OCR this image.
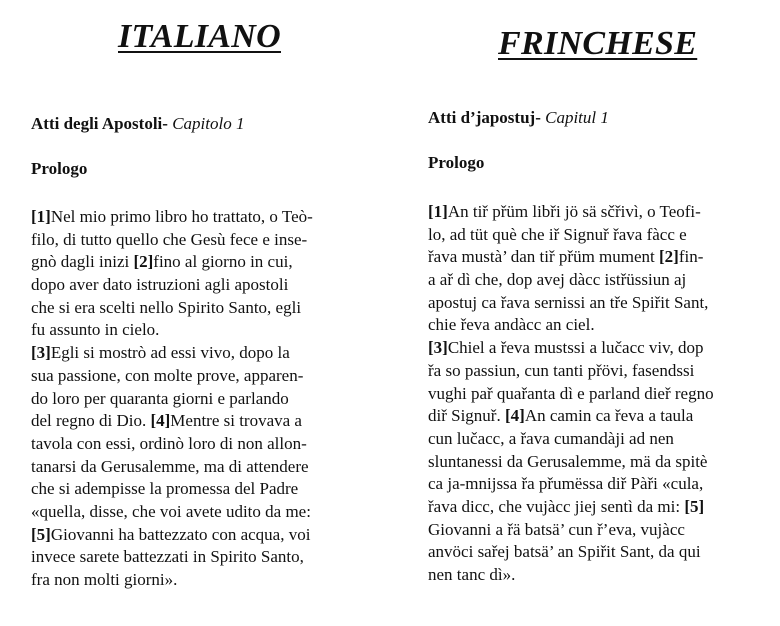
ITALIANO
Atti degli Apostoli- Capitolo 1
Prologo
[1]Nel mio primo libro ho trattato, o Teò-
filo, di tutto quello che Gesù fece e inse-
gnò dagli inizi [2]fino al giorno in cui,
dopo aver dato istruzioni agli apostoli
che si era scelti nello Spirito Santo, egli
fu assunto in cielo.
[3]Egli si mostrò ad essi vivo, dopo la
sua passione, con molte prove, apparen-
do loro per quaranta giorni e parlando
del regno di Dio. [4]Mentre si trovava a
tavola con essi, ordinò loro di non allon-
tanarsi da Gerusalemme, ma di attendere
che si adempisse la promessa del Padre
«quella, disse, che voi avete udito da me:
[5]Giovanni ha battezzato con acqua, voi
invece sarete battezzati in Spirito Santo,
fra non molti giorni».
FRINCHESE
Atti d’japostuj- Capitul 1
Prologo
[1]An tiř přüm libři jö sä sčřivì, o Teofi-
lo, ad tüt què che iř Signuř řava fàcc e
řava mustà’ dan tiř přüm mument [2]fin-
a ař dì che, dop avej dàcc istřüssiun aj
apostuj ca řava sernissi an tře Spiřit Sant,
chie řeva andàcc an ciel.
[3]Chiel a řeva mustssi a lučacc viv, dop
řa so passiun, cun tanti přövi, fasendssi
vughi pař quařanta dì e parland dieř regno
diř Signuř. [4]An camin ca řeva a taula
cun lučacc, a řava cumandàji ad nen
sluntanessi da Gerusalemme, mä da spitè
ca ja-mnijssa řa přumëssa diř Pàři «cula,
řava dicc, che vujàcc jiej sentì da mi: [5]
Giovanni a řä batsä’ cun ř’eva, vujàcc
anvöci sařej batsä’ an Spiřit Sant, da qui
nen tanc dì».
